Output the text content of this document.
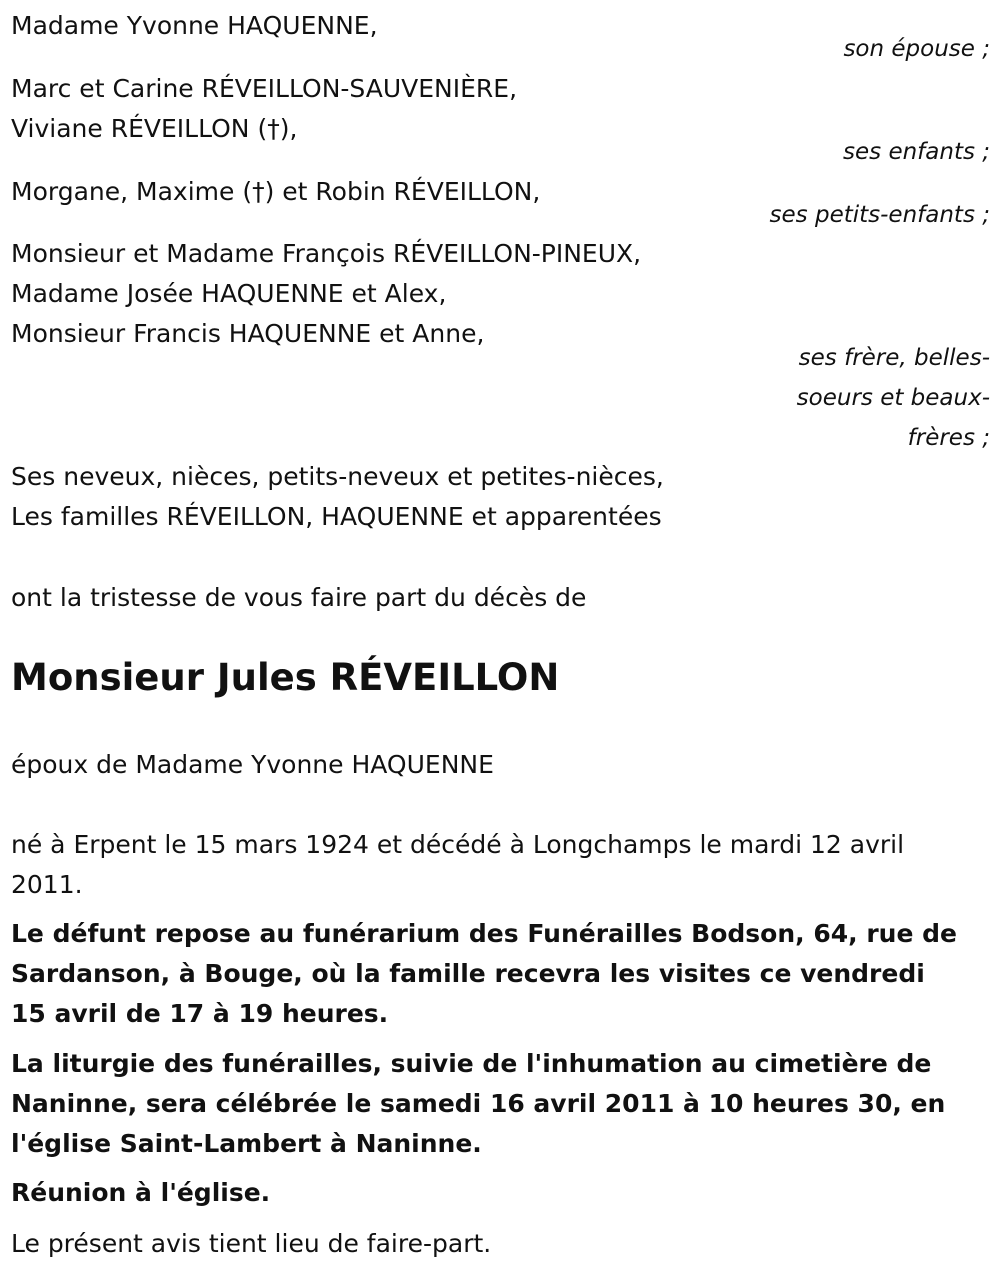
Madame Yvonne HAQUENNE,

son épouse ;

Marc et Carine RÉVEILLON-SAUVENIÈRE,

Viviane RÉVEILLON (†),

ses enfants ;

Morgane, Maxime (†) et Robin RÉVEILLON,

ses petits-enfants ;

Monsieur et Madame François RÉVEILLON-PINEUX,

Madame Josée HAQUENNE et Alex,

Monsieur Francis HAQUENNE et Anne,

ses frère, belles-soeurs et beaux-frères ;

Ses neveux, nièces, petits-neveux et petites-nièces,

Les familles RÉVEILLON, HAQUENNE et apparentées

ont la tristesse de vous faire part du décès de

Monsieur Jules RÉVEILLON

époux de Madame Yvonne HAQUENNE

né à Erpent le 15 mars 1924 et décédé à Longchamps le mardi 12 avril 2011.

Le défunt repose au funérarium des Funérailles Bodson, 64, rue de Sardanson, à Bouge, où la famille recevra les visites ce vendredi 15 avril de 17 à 19 heures.

La liturgie des funérailles, suivie de l'inhumation au cimetière de Naninne, sera célébrée le samedi 16 avril 2011 à 10 heures 30, en l'église Saint-Lambert à Naninne.

Réunion à l'église.

Le présent avis tient lieu de faire-part.
